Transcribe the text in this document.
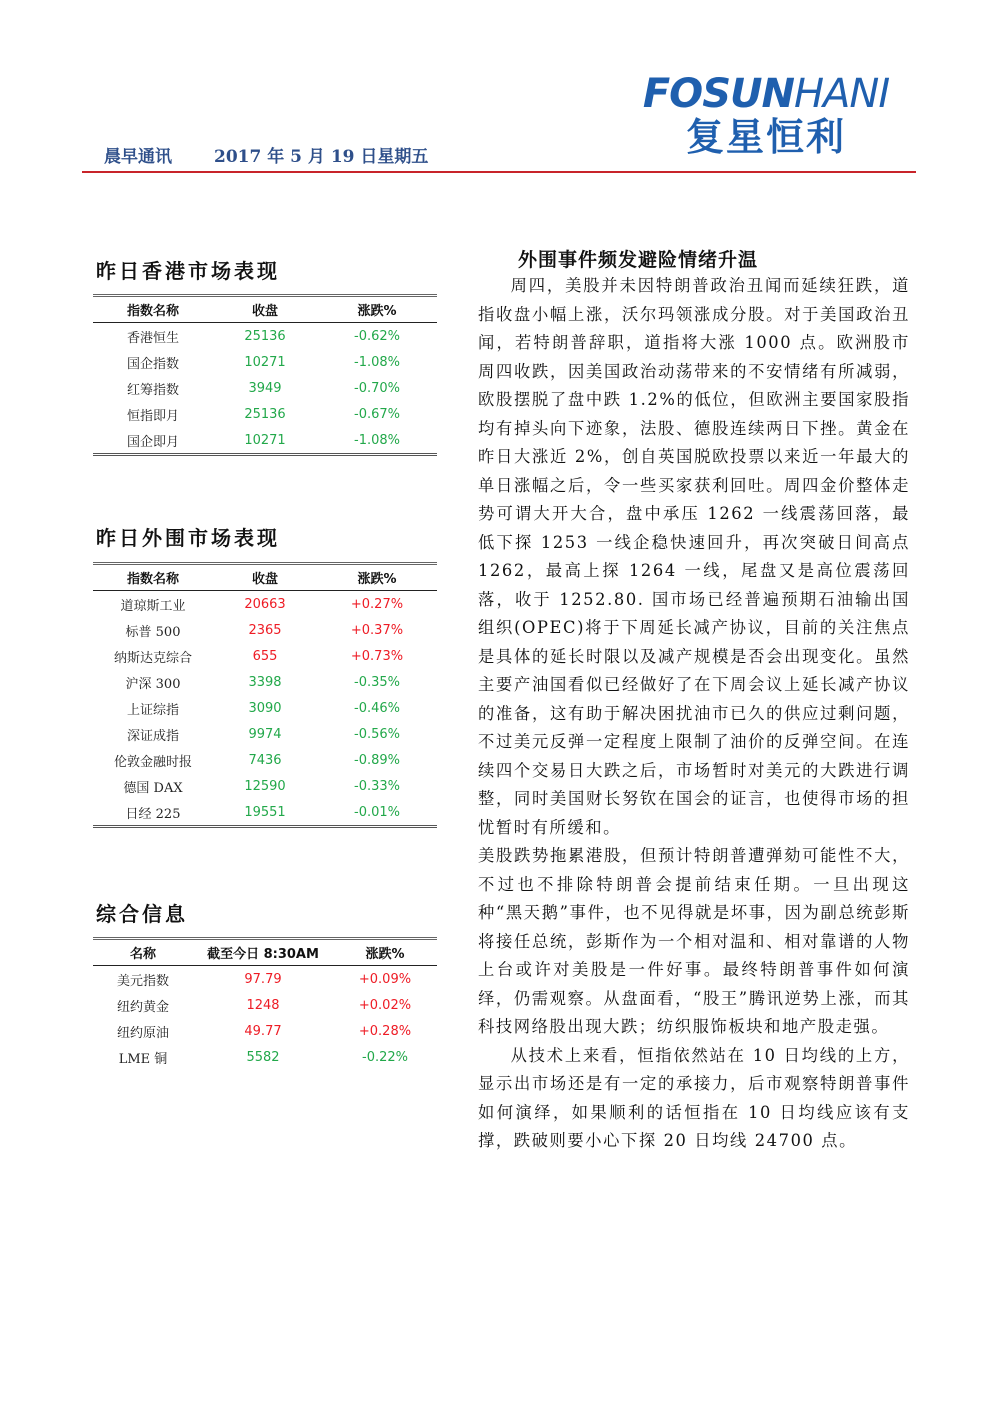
FOSUNHANI
复星恒利
晨早通讯 2017 年 5 月 19 日星期五
昨日香港市场表现
指数名称	收盘	涨跌%
香港恒生	25136	-0.62%
国企指数	10271	-1.08%
红筹指数	3949	-0.70%
恒指即月	25136	-0.67%
国企即月	10271	-1.08%
昨日外围市场表现
指数名称	收盘	涨跌%
道琼斯工业	20663	+0.27%
标普 500	2365	+0.37%
纳斯达克综合	655	+0.73%
沪深 300	3398	-0.35%
上证综指	3090	-0.46%
深证成指	9974	-0.56%
伦敦金融时报	7436	-0.89%
德国 DAX	12590	-0.33%
日经 225	19551	-0.01%
综合信息
名称	截至今日 8:30AM	涨跌%
美元指数	97.79	+0.09%
纽约黄金	1248	+0.02%
纽约原油	49.77	+0.28%
LME 铜	5582	-0.22%
外围事件频发避险情绪升温

周四，美股并未因特朗普政治丑闻而延续狂跌，道指收盘小幅上涨，沃尔玛领涨成分股。对于美国政治丑闻，若特朗普辞职，道指将大涨 1000 点。欧洲股市周四收跌，因美国政治动荡带来的不安情绪有所减弱，欧股摆脱了盘中跌 1.2%的低位，但欧洲主要国家股指均有掉头向下迹象，法股、德股连续两日下挫。黄金在昨日大涨近 2%，创自英国脱欧投票以来近一年最大的单日涨幅之后，令一些买家获利回吐。周四金价整体走势可谓大开大合，盘中承压 1262 一线震荡回落，最低下探 1253 一线企稳快速回升，再次突破日间高点 1262，最高上探 1264 一线，尾盘又是高位震荡回落，收于 1252.80. 国市场已经普遍预期石油输出国组织(OPEC)将于下周延长减产协议，目前的关注焦点是具体的延长时限以及减产规模是否会出现变化。虽然主要产油国看似已经做好了在下周会议上延长减产协议的准备，这有助于解决困扰油市已久的供应过剩问题，不过美元反弹一定程度上限制了油价的反弹空间。在连续四个交易日大跌之后，市场暂时对美元的大跌进行调整，同时美国财长努钦在国会的证言，也使得市场的担忧暂时有所缓和。

美股跌势拖累港股，但预计特朗普遭弹劾可能性不大，不过也不排除特朗普会提前结束任期。一旦出现这种“黑天鹅”事件，也不见得就是坏事，因为副总统彭斯将接任总统，彭斯作为一个相对温和、相对靠谱的人物上台或许对美股是一件好事。最终特朗普事件如何演绎，仍需观察。从盘面看，“股王”腾讯逆势上涨，而其科技网络股出现大跌；纺织服饰板块和地产股走强。

从技术上来看，恒指依然站在 10 日均线的上方，显示出市场还是有一定的承接力，后市观察特朗普事件如何演绎，如果顺利的话恒指在 10 日均线应该有支撑，跌破则要小心下探 20 日均线 24700 点。
